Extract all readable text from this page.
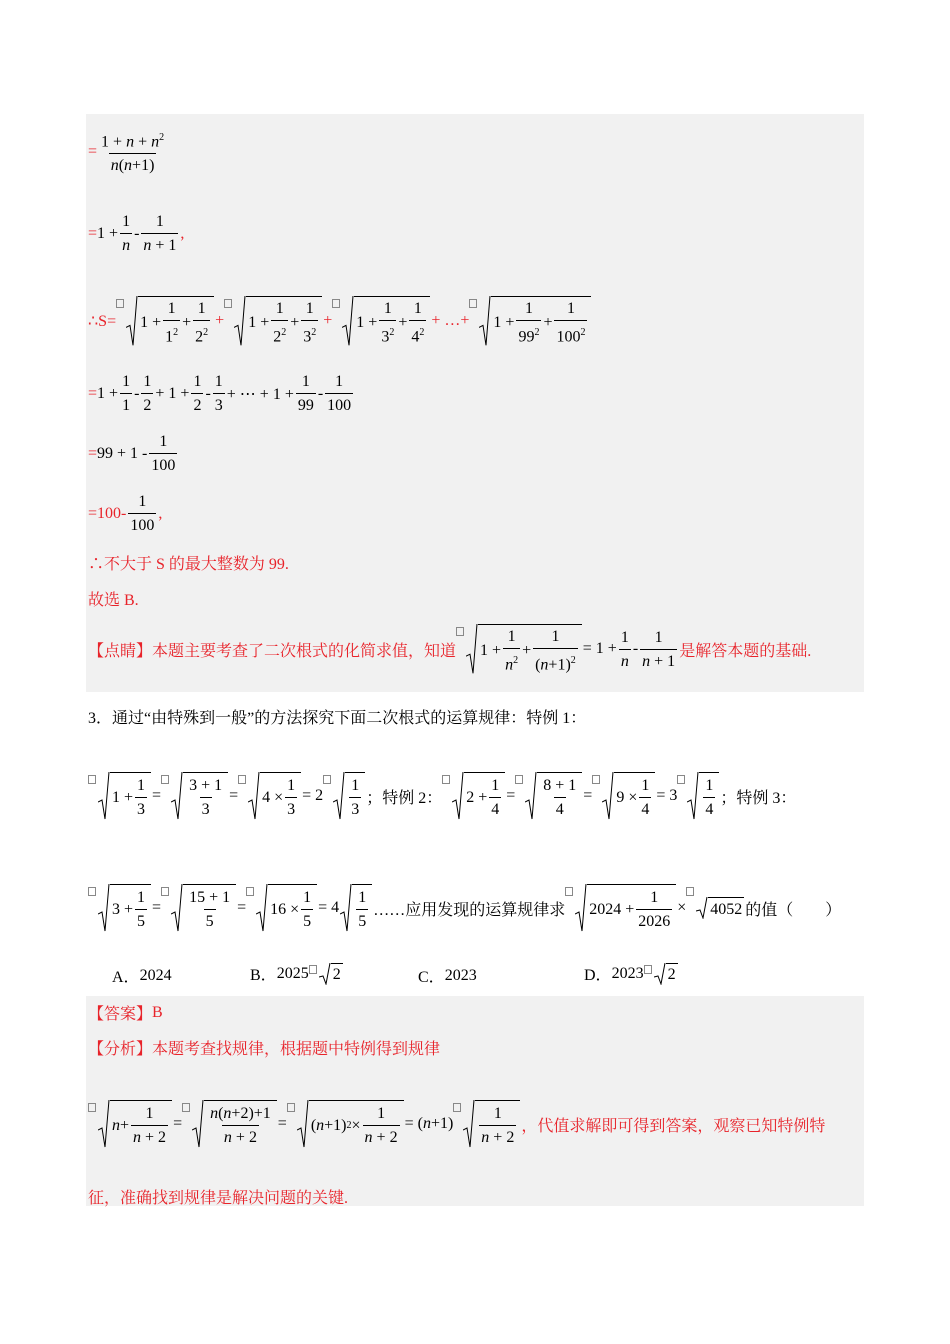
= $\frac{1 + n + n^2}{n(n+1)}$
= $1 + \frac{1}{n}$ -
1
n + 1
,
∴S= 1 +
1
$1^2$
+
1
$2^2$
+ 1 +
1
$2^2$
+
1
$3^2$
+ 1 +
1
$3^2$
+
1
$4^2$
+ …+ 1 +
1
$99^2$
+
1
$100^2$
= $1 + \frac{1}{1}$ -
1
2
+ $1 + \frac{1}{2}$ -
1
3
+ ⋯ + $1 + \frac{1}{99}$ -
1
100
= 99 + 1 -
1
100
=100-
1
100
,
∴不大于 S 的最大整数为 99.
故选 B.
【点睛】 本题主要考查了二次根式的化简求值，知道 1 +
1
$n^2$
+
1
$(n+1)^2$
= $1 + \frac{1}{n}$ -
1
n + 1
是解答本题的基础.
3．通过“由特殊到一般”的方法探究下面二次根式的运算规律：特例 1：
1 +
1
3
=
3 + 1
3
= 4 ×
1
3
= 2
1
3
；特例 2： 2 +
1
4
=
8 + 1
4
= 9 ×
1
4
= 3
1
4
；特例 3：
3 +
1
5
=
15 + 1
5
= 16 ×
1
5
= 4
1
5
……应用发现的运算规律求 2024 +
1
2026
× 4052 的值（　　）
A． 2024	B． 2025 2	C． 2023	D． 2023 2
【答案】 B
【分析】 本题考查找规律，根据题中特例得到规律
n +
1
n + 2
=
n(n+2)+1
n + 2
= ( n +1) 2 ×
1
n + 2
= (n+1)
1
n + 2
，代值求解即可得到答案，观察已知特例特
征，准确找到规律是解决问题的关键.
